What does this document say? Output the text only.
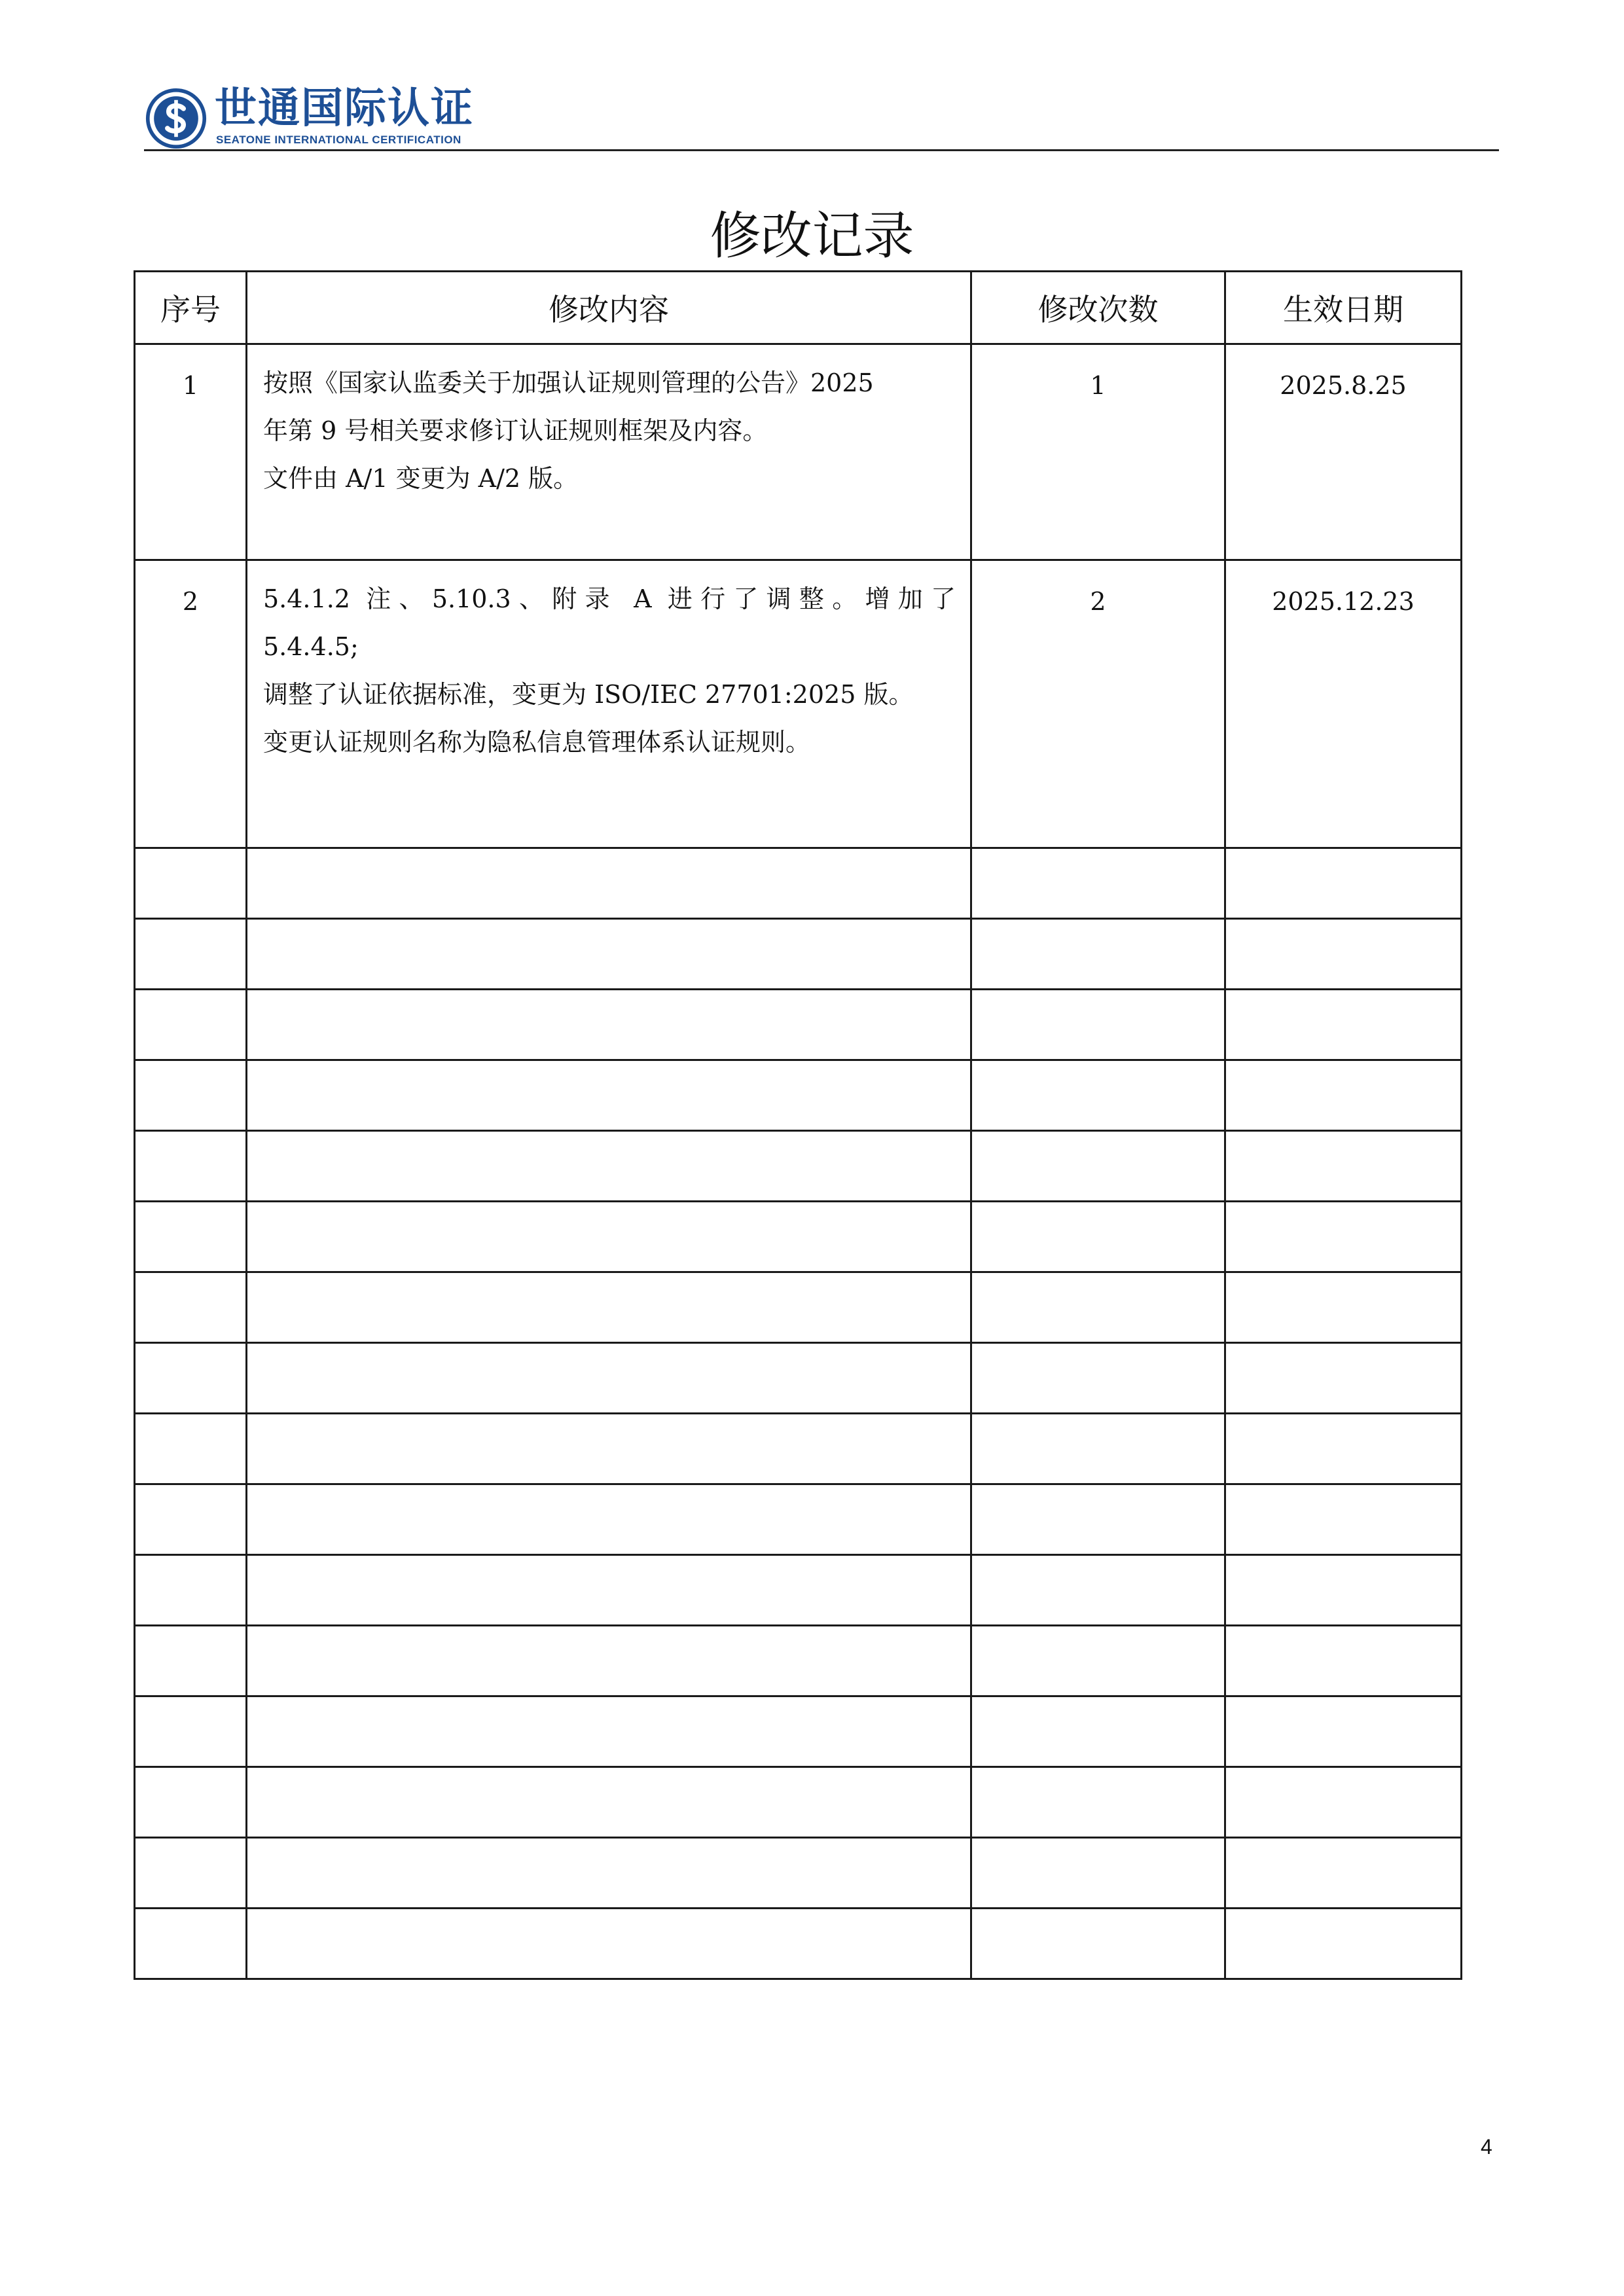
世通国际认证
SEATONE INTERNATIONAL CERTIFICATION
修改记录
序号	修改内容	修改次数	生效日期
1	按照《国家认监委关于加强认证规则管理的公告》2025
年第 9 号相关要求修订认证规则框架及内容。
文件由 A/1 变更为 A/2 版。	1	2025.8.25
2	5.4.1.2 注、5.10.3、附录 A 进行了调整。增加了
5.4.4.5;
调整了认证依据标准，变更为 ISO/IEC 27701:2025 版。
变更认证规则名称为隐私信息管理体系认证规则。	2	2025.12.23

4
